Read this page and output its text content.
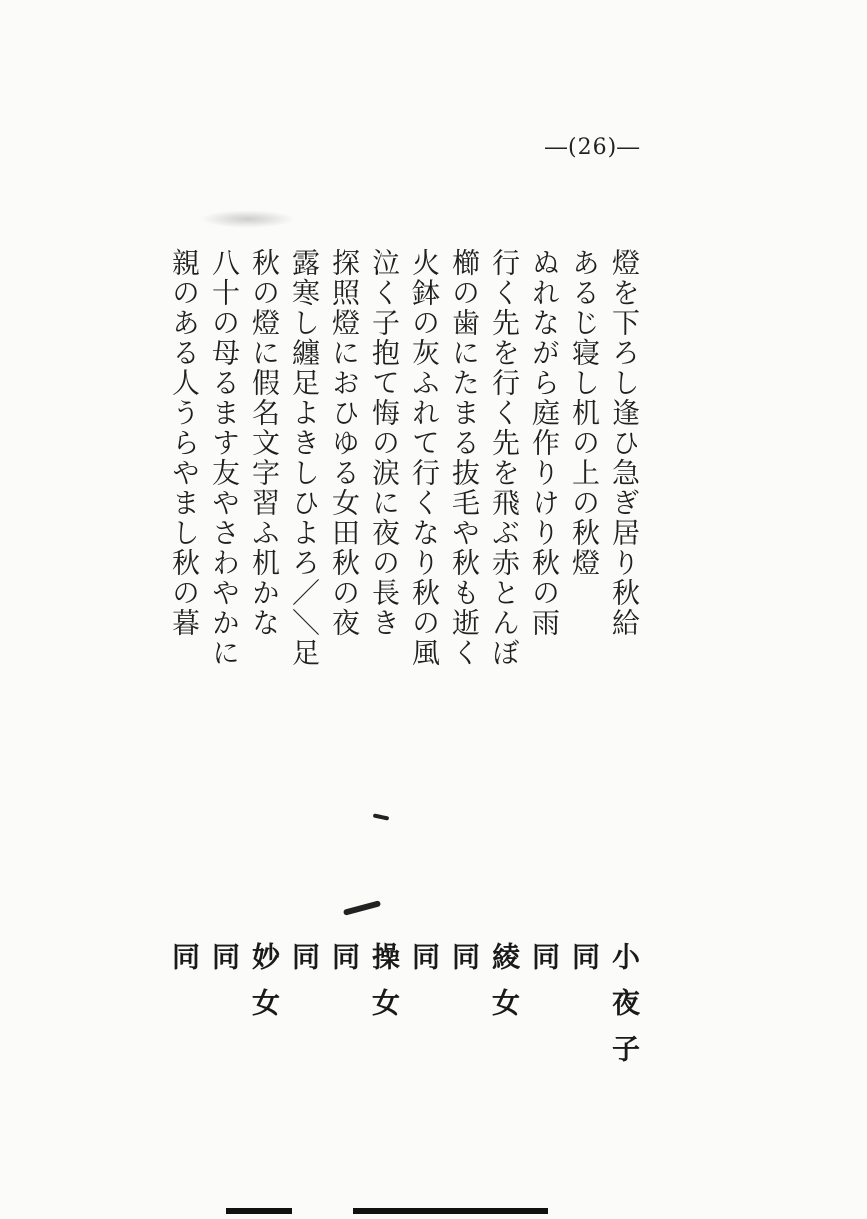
―(26)―
燈を下ろし逢ひ急ぎ居り秋給
あるじ寝し机の上の秋燈
ぬれながら庭作りけり秋の雨
行く先を行く先を飛ぶ赤とんぼ
櫛の歯にたまる抜毛や秋も逝く
火鉢の灰ふれて行くなり秋の風
泣く子抱て悔の涙に夜の長き
探照燈におひゆる女田秋の夜
露寒し纏足よきしひよろ／＼足
秋の燈に假名文字習ふ机かな
八十の母るます友やさわやかに
親のある人うらやまし秋の暮
小夜子
同
同
綾女
同
同
操女
同
同
妙女
同
同
